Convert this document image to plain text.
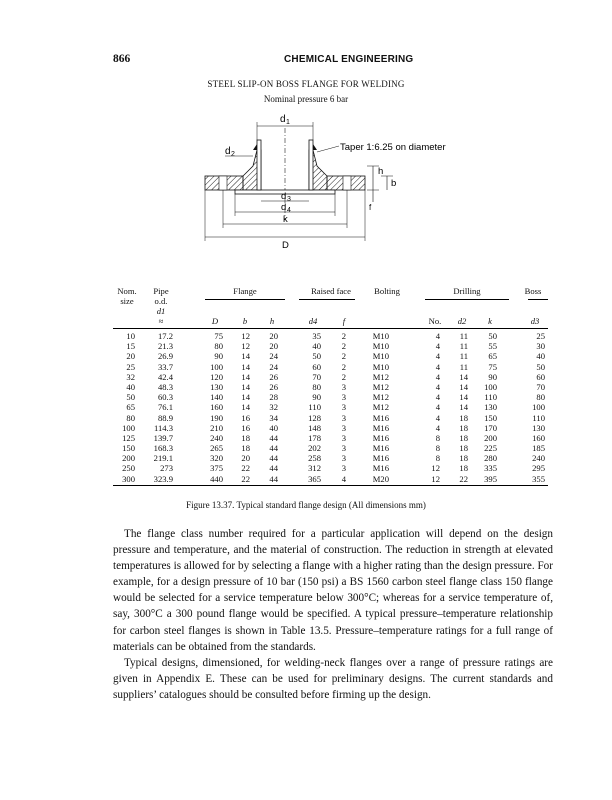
866	CHEMICAL ENGINEERING
STEEL SLIP-ON BOSS FLANGE FOR WELDING
Nominal pressure 6 bar
d 1
d 2
Taper 1:6.25 on diameter
h
b
f
d 3
d 4
k
D
Nom.
size
Pipe
o.d.
d1
Flange	Raised face	Bolting	Drilling	Boss
≈	D	b	h	d4	f	No.	d2	k	d3
10	17.2	75 12 20	35 2	M10	4 11 50	25
15	21.3	80 12 20	40 2	M10	4 11 55	30
20	26.9	90 14 24	50 2	M10	4 11 65	40
25	33.7	100 14 24	60 2	M10	4 11 75	50
32	42.4	120 14 26	70 2	M12	4 14 90	60
40	48.3	130 14 26	80 3	M12	4 14 100	70
50	60.3	140 14 28	90 3	M12	4 14 110	80
65	76.1	160 14 32	110 3	M12	4 14 130	100
80	88.9	190 16 34	128 3	M16	4 18 150	110
100 114.3	210 16 40	148 3	M16	4 18 170	130
125 139.7	240 18 44	178 3	M16	8 18 200	160
150 168.3	265 18 44	202 3	M16	8 18 225	185
200 219.1	320 20 44	258 3	M16	8 18 280	240
250	273	375 22 44	312 3	M16	12 18 335	295
300 323.9	440 22 44	365 4	M20	12 22 395	355
Figure 13.37. Typical standard flange design (All dimensions mm)

The flange class number required for a particular application will depend on the design pressure and temperature, and the material of construction. The reduction in strength at elevated temperatures is allowed for by selecting a flange with a higher rating than the design pressure. For example, for a design pressure of 10 bar (150 psi) a BS 1560 carbon steel flange class 150 flange would be selected for a service temperature below 300°C; whereas for a service temperature of, say, 300°C a 300 pound flange would be specified. A typical pressure–temperature relationship for carbon steel flanges is shown in Table 13.5. Pressure–temperature ratings for a full range of materials can be obtained from the standards.

Typical designs, dimensioned, for welding-neck flanges over a range of pressure ratings are given in Appendix E. These can be used for preliminary designs. The current standards and suppliers’ catalogues should be consulted before firming up the design.
